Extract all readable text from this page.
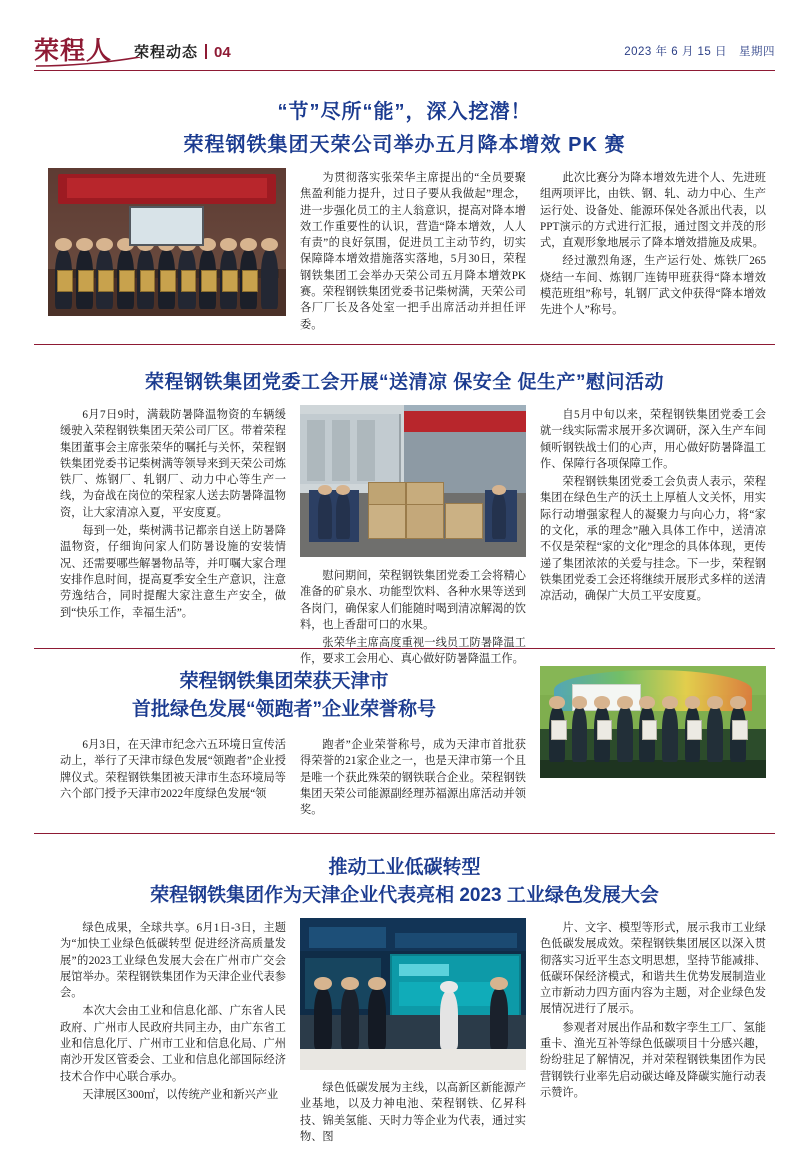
荣程人 荣程动态 04	2023 年 6 月 15 日　星期四
“节”尽所“能”，深入挖潜！
荣程钢铁集团天荣公司举办五月降本增效 PK 赛

为贯彻落实张荣华主席提出的“全员要聚焦盈利能力提升，过日子要从我做起”理念，进一步强化员工的主人翁意识，提高对降本增效工作重要性的认识，营造“降本增效，人人有责”的良好氛围，促进员工主动节约，切实保障降本增效措施落实落地，5月30日，荣程钢铁集团工会举办天荣公司五月降本增效PK赛。荣程钢铁集团党委书记柴树满，天荣公司各厂厂长及各处室一把手出席活动并担任评委。

此次比赛分为降本增效先进个人、先进班组两项评比，由铁、钢、轧、动力中心、生产运行处、设备处、能源环保处各派出代表，以PPT演示的方式进行汇报，通过图文并茂的形式，直观形象地展示了降本增效措施及成果。

经过激烈角逐，生产运行处、炼铁厂265烧结一车间、炼钢厂连铸甲班获得“降本增效模范班组”称号，轧钢厂武文仲获得“降本增效先进个人”称号。

荣程钢铁集团党委工会开展“送清凉 保安全 促生产”慰问活动

6月7日9时，满载防暑降温物资的车辆缓缓驶入荣程钢铁集团天荣公司厂区。带着荣程集团董事会主席张荣华的嘱托与关怀，荣程钢铁集团党委书记柴树满等领导来到天荣公司炼铁厂、炼钢厂、轧钢厂、动力中心等生产一线，为奋战在岗位的荣程家人送去防暑降温物资，让大家清凉入夏，平安度夏。

每到一处，柴树满书记都亲自送上防暑降温物资，仔细询问家人们防暑设施的安装情况、还需要哪些解暑物品等，并叮嘱大家合理安排作息时间，提高夏季安全生产意识，注意劳逸结合，同时提醒大家注意生产安全，做到“快乐工作，幸福生活”。

慰问期间，荣程钢铁集团党委工会将精心准备的矿泉水、功能型饮料、各种水果等送到各岗门，确保家人们能随时喝到清凉解渴的饮料，也上香甜可口的水果。

张荣华主席高度重视一线员工防暑降温工作，要求工会用心、真心做好防暑降温工作。

自5月中旬以来，荣程钢铁集团党委工会就一线实际需求展开多次调研，深入生产车间倾听钢铁战士们的心声，用心做好防暑降温工作、保障行各项保障工作。

荣程钢铁集团党委工会负责人表示，荣程集团在绿色生产的沃土上厚植人文关怀，用实际行动增强家程人的凝聚力与向心力，将“家的文化，承的理念”融入具体工作中，送清凉不仅是荣程“家的文化”理念的具体体现，更传递了集团浓浓的关爱与挂念。下一步，荣程钢铁集团党委工会还将继续开展形式多样的送清凉活动，确保广大员工平安度夏。

荣程钢铁集团荣获天津市
首批绿色发展“领跑者”企业荣誉称号

6月3日，在天津市纪念六五环境日宣传活动上，举行了天津市绿色发展“领跑者”企业授牌仪式。荣程钢铁集团被天津市生态环境局等六个部门授予天津市2022年度绿色发展“领

跑者”企业荣誉称号，成为天津市首批获得荣誉的21家企业之一，也是天津市第一个且是唯一个获此殊荣的钢铁联合企业。荣程钢铁集团天荣公司能源副经理苏福源出席活动并领奖。

推动工业低碳转型
荣程钢铁集团作为天津企业代表亮相 2023 工业绿色发展大会

绿色成果，全球共享。6月1日-3日，主题为“加快工业绿色低碳转型 促进经济高质量发展”的2023工业绿色发展大会在广州市广交会展馆举办。荣程钢铁集团作为天津企业代表参会。

本次大会由工业和信息化部、广东省人民政府、广州市人民政府共同主办，由广东省工业和信息化厅、广州市工业和信息化局、广州南沙开发区管委会、工业和信息化部国际经济技术合作中心联合承办。

天津展区300㎡，以传统产业和新兴产业

绿色低碳发展为主线，以高新区新能源产业基地，以及力神电池、荣程钢铁、亿昇科技、锦美氢能、天时力等企业为代表，通过实物、图

片、文字、模型等形式，展示我市工业绿色低碳发展成效。荣程钢铁集团展区以深入贯彻落实习近平生态文明思想，坚持节能减排、低碳环保经济模式，和谐共生优势发展制造业立市新动力四方面内容为主题，对企业绿色发展情况进行了展示。

参观者对展出作品和数字孪生工厂、氢能重卡、渔光互补等绿色低碳项目十分感兴趣，纷纷驻足了解情况，并对荣程钢铁集团作为民营钢铁行业率先启动碳达峰及降碳实施行动表示赞许。
